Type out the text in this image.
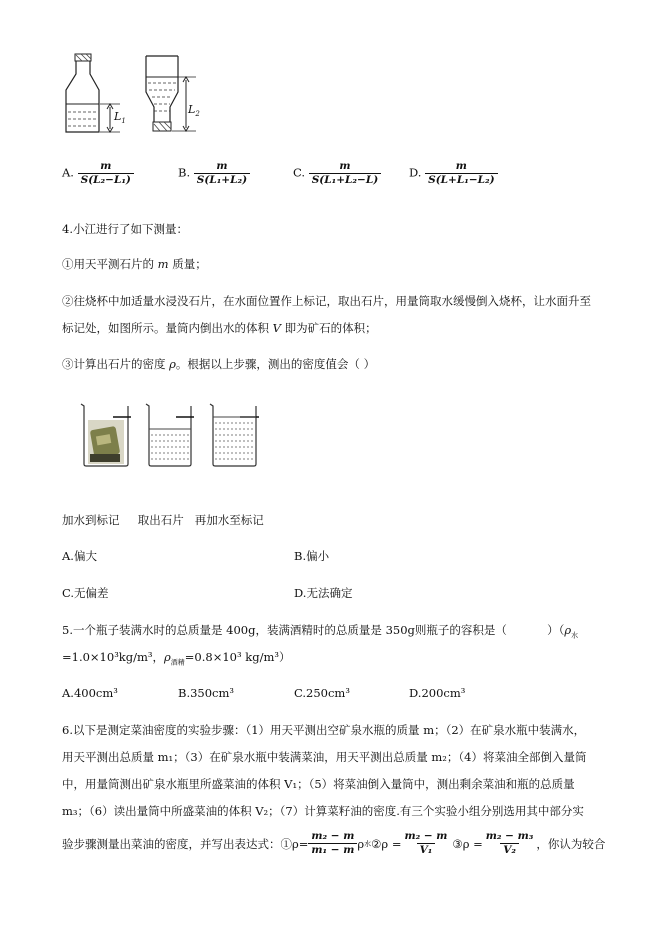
$L_1$
$L_2$
A. $\frac{m}{\text{S(L₂−L₁)}}$	B. $\frac{m}{\text{S(L₁+L₂)}}$	C. $\frac{m}{\text{S(L₁+L₂−L)}} D$. $\frac{m}{\text{S(L+L₁−L₂)}}$
4.小江进行了如下测量：
①用天平测石片的 m 质量；
②往烧杯中加适量水浸没石片，在水面位置作上标记，取出石片，用量筒取水缓慢倒入烧杯，让水面升至
标记处，如图所示。量筒内倒出水的体积 V 即为矿石的体积；
③计算出石片的密度 ρ。根据以上步骤，测出的密度值会（ ）
加水到标记     取出石片   再加水至标记
A.偏大	B.偏小
C.无偏差	D.无法确定
5.一个瓶子装满水时的总质量是 400g，装满酒精时的总质量是 350g则瓶子的容积是（           ）（$\rho_水$
=1.0×10³kg/m³，$\rho_{酒精}=0.8\times 10^3$ kg/m³）
A.400cm³	B.350cm³	C.250cm³	D.200cm³
6.以下是测定菜油密度的实验步骤：（1）用天平测出空矿泉水瓶的质量 m；（2）在矿泉水瓶中装满水，
用天平测出总质量 m₁；（3）在矿泉水瓶中装满菜油，用天平测出总质量 m₂；（4）将菜油全部倒入量筒
中，用量筒测出矿泉水瓶里所盛菜油的体积 V₁；（5）将菜油倒入量筒中，测出剩余菜油和瓶的总质量
m₃；（6）读出量筒中所盛菜油的体积 V₂；（7）计算菜籽油的密度.有三个实验小组分别选用其中部分实
验步骤测量出菜油的密度，并写出表达式：①ρ= $\frac{\text{m₂ − m}}{\text{m₁ − m}}$ ρ 水 ②ρ = $\frac{\text{m₂ − m}}{\text{V₁}}$ ③ρ = $\frac{\text{m₂ − m₃}}{\text{V₂}}$ ，你认为较合
